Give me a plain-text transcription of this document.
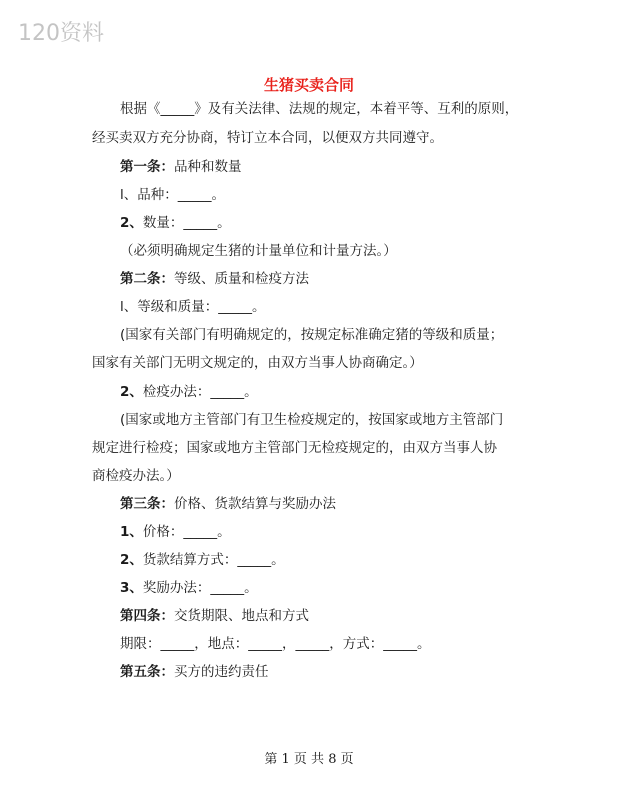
120资料
生猪买卖合同
根据《_____》及有关法律、法规的规定，本着平等、互利的原则，
经买卖双方充分协商，特订立本合同，以便双方共同遵守。
第一条：品种和数量
l、品种：_____。
2、数量：_____。
（必须明确规定生猪的计量单位和计量方法。）
第二条：等级、质量和检疫方法
l、等级和质量：_____。
(国家有关部门有明确规定的，按规定标准确定猪的等级和质量；
国家有关部门无明文规定的，由双方当事人协商确定。）
2、检疫办法：_____。
(国家或地方主管部门有卫生检疫规定的，按国家或地方主管部门
规定进行检疫；国家或地方主管部门无检疫规定的，由双方当事人协
商检疫办法。）
第三条：价格、货款结算与奖励办法
1、价格：_____。
2、货款结算方式：_____。
3、奖励办法：_____。
第四条：交货期限、地点和方式
期限：_____，地点：_____，_____，方式：_____。
第五条：买方的违约责任
第 1 页 共 8 页
